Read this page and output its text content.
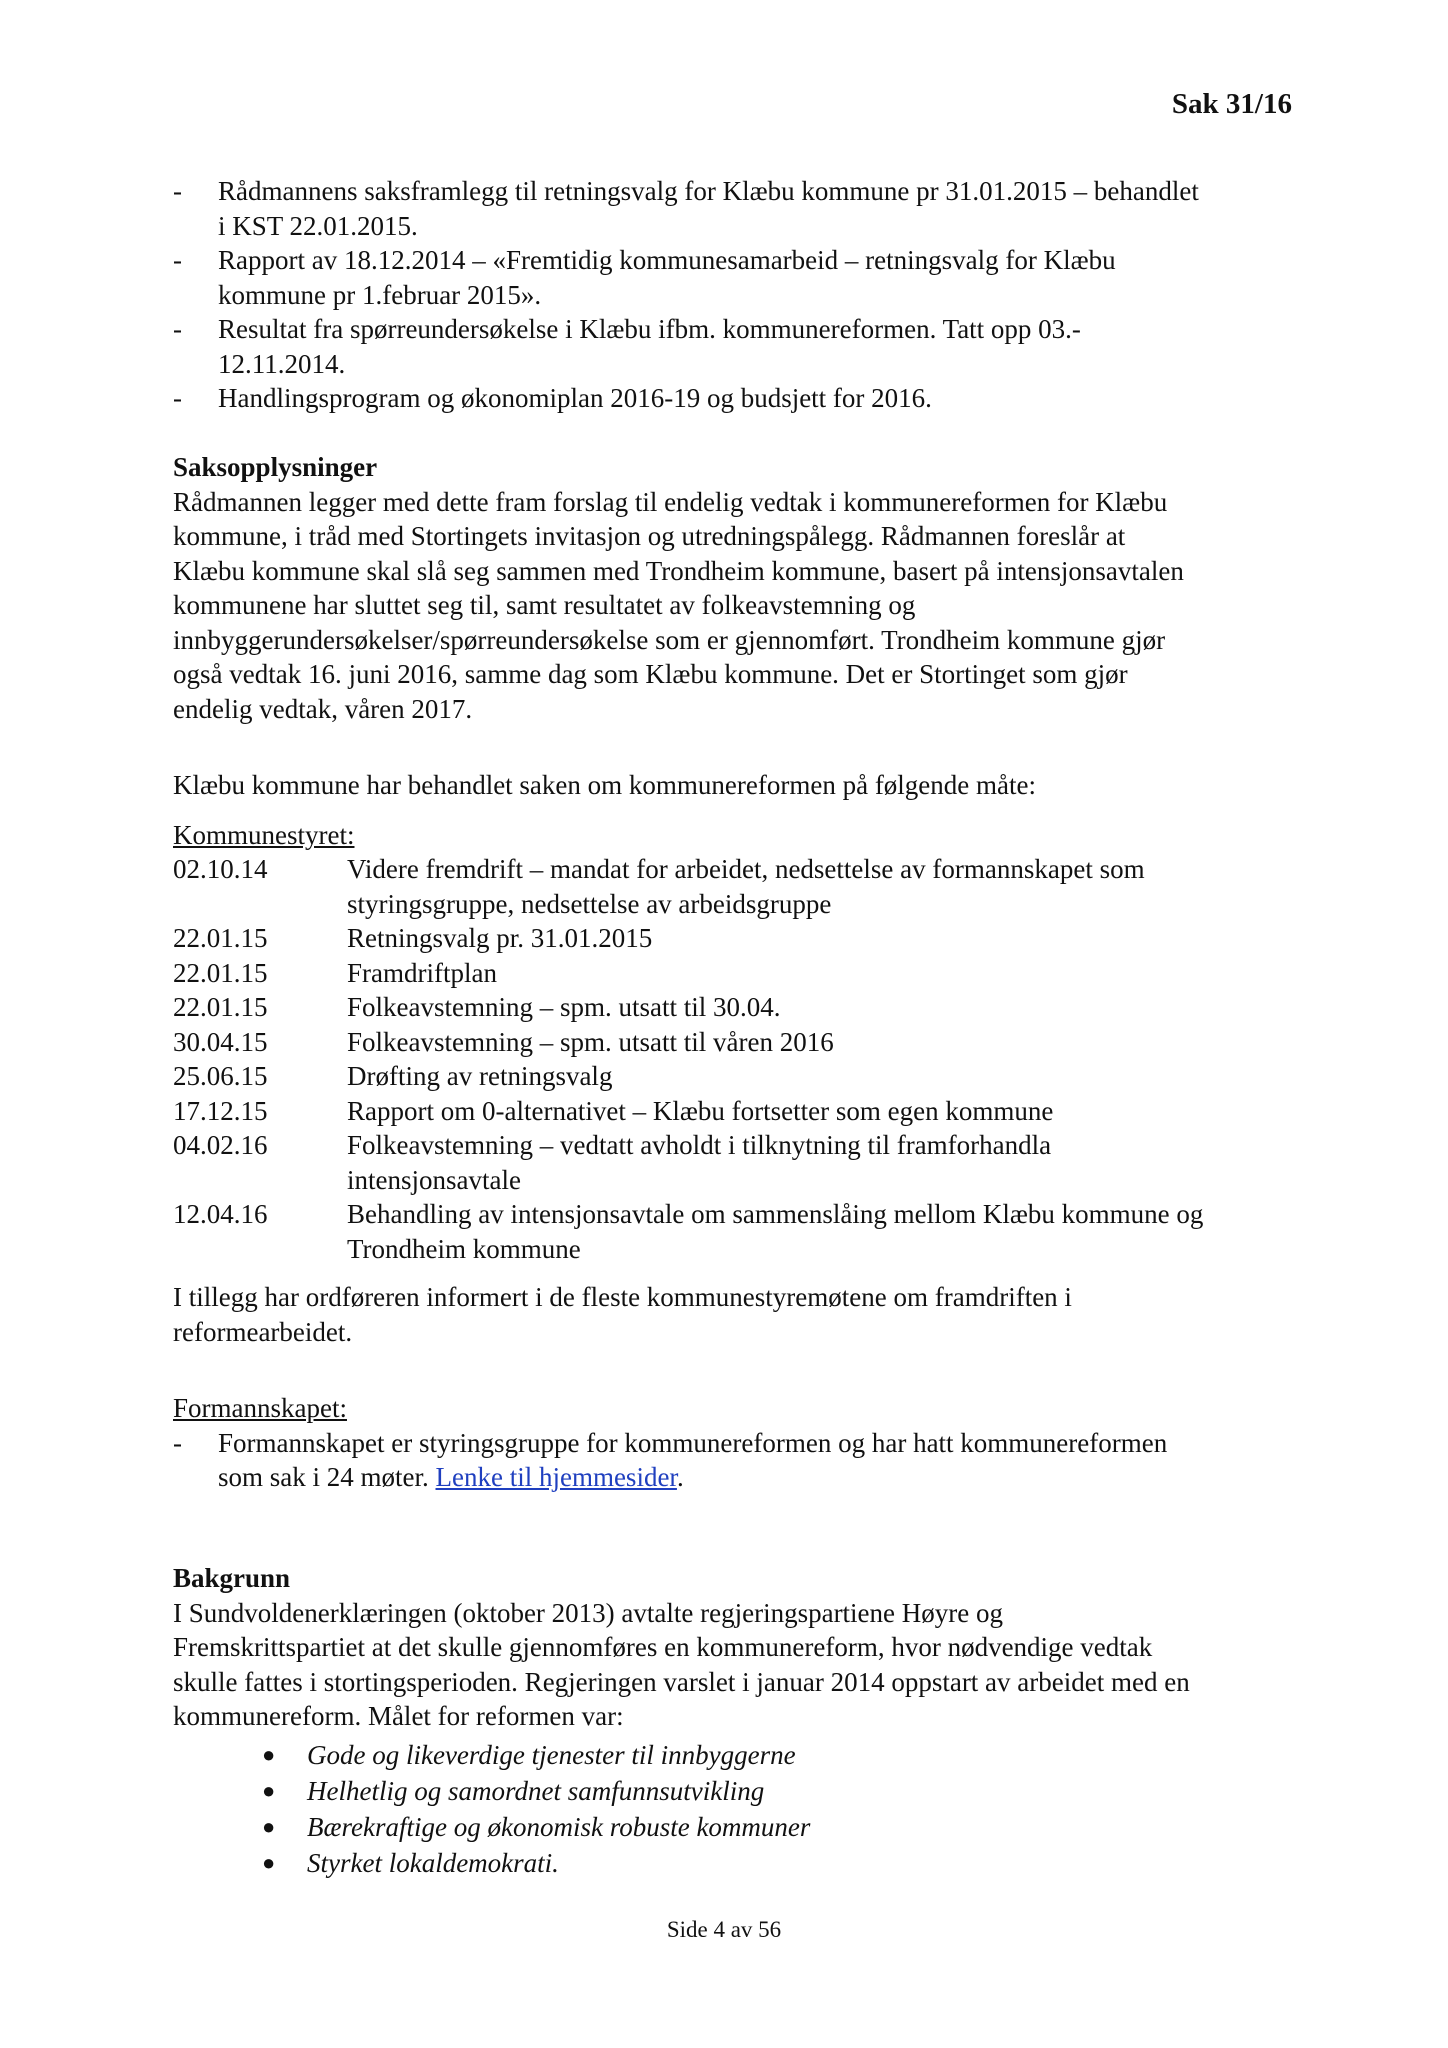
Sak 31/16
- Rådmannens saksframlegg til retningsvalg for Klæbu kommune pr 31.01.2015 – behandlet
i KST 22.01.2015.
- Rapport av 18.12.2014 – «Fremtidig kommunesamarbeid – retningsvalg for Klæbu
kommune pr 1.februar 2015».
- Resultat fra spørreundersøkelse i Klæbu ifbm. kommunereformen. Tatt opp 03.-
12.11.2014.
- Handlingsprogram og økonomiplan 2016-19 og budsjett for 2016.
Saksopplysninger
Rådmannen legger med dette fram forslag til endelig vedtak i kommunereformen for Klæbu
kommune, i tråd med Stortingets invitasjon og utredningspålegg. Rådmannen foreslår at
Klæbu kommune skal slå seg sammen med Trondheim kommune, basert på intensjonsavtalen
kommunene har sluttet seg til, samt resultatet av folkeavstemning og
innbyggerundersøkelser/spørreundersøkelse som er gjennomført. Trondheim kommune gjør
også vedtak 16. juni 2016, samme dag som Klæbu kommune. Det er Stortinget som gjør
endelig vedtak, våren 2017.
Klæbu kommune har behandlet saken om kommunereformen på følgende måte:
Kommunestyret:
02.10.14	Videre fremdrift – mandat for arbeidet, nedsettelse av formannskapet som
styringsgruppe, nedsettelse av arbeidsgruppe
22.01.15	Retningsvalg pr. 31.01.2015
22.01.15	Framdriftplan
22.01.15	Folkeavstemning – spm. utsatt til 30.04.
30.04.15	Folkeavstemning – spm. utsatt til våren 2016
25.06.15	Drøfting av retningsvalg
17.12.15	Rapport om 0-alternativet – Klæbu fortsetter som egen kommune
04.02.16	Folkeavstemning – vedtatt avholdt i tilknytning til framforhandla
intensjonsavtale
12.04.16	Behandling av intensjonsavtale om sammenslåing mellom Klæbu kommune og
Trondheim kommune
I tillegg har ordføreren informert i de fleste kommunestyremøtene om framdriften i
reformearbeidet.
Formannskapet:
- Formannskapet er styringsgruppe for kommunereformen og har hatt kommunereformen
som sak i 24 møter. Lenke til hjemmesider.
Bakgrunn
I Sundvoldenerklæringen (oktober 2013) avtalte regjeringspartiene Høyre og
Fremskrittspartiet at det skulle gjennomføres en kommunereform, hvor nødvendige vedtak
skulle fattes i stortingsperioden. Regjeringen varslet i januar 2014 oppstart av arbeidet med en
kommunereform. Målet for reformen var:
● Gode og likeverdige tjenester til innbyggerne
● Helhetlig og samordnet samfunnsutvikling
● Bærekraftige og økonomisk robuste kommuner
● Styrket lokaldemokrati.
Side 4 av 56
